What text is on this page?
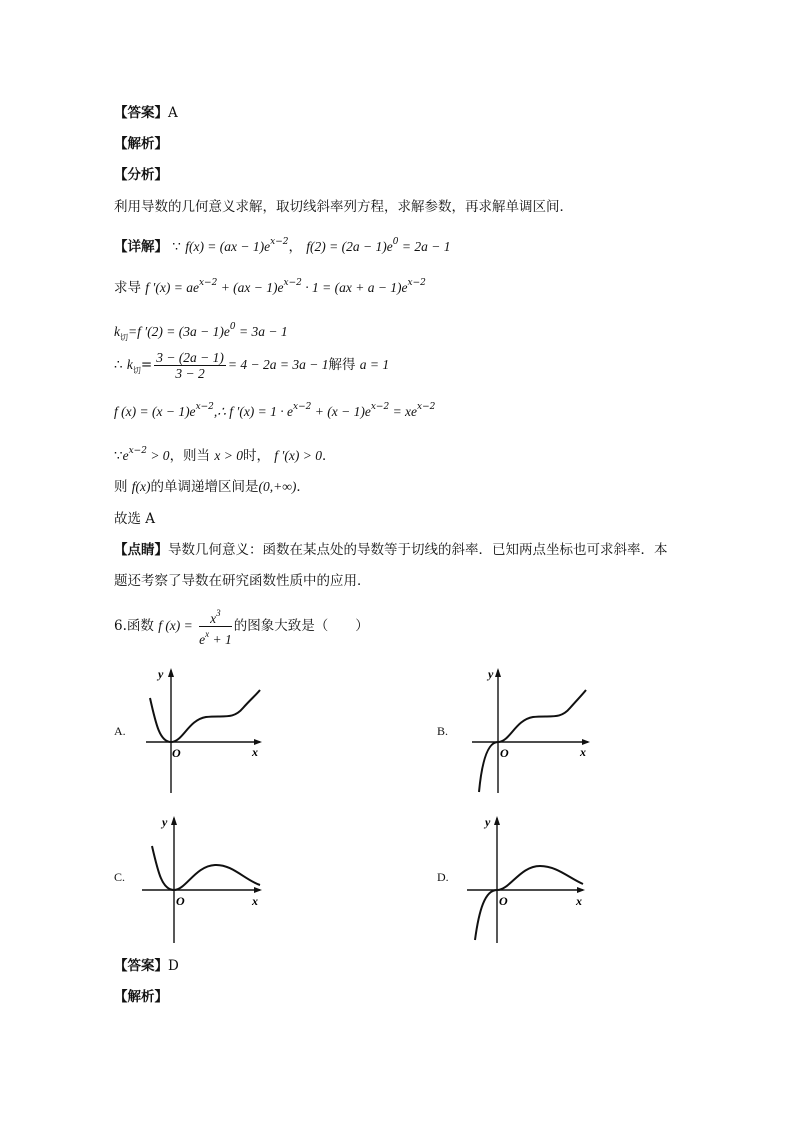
【答案】A
【解析】
【分析】
利用导数的几何意义求解，取切线斜率列方程，求解参数，再求解单调区间．
【详解】 ∵ $f(x) = (ax - 1)e^{x-2}$， $f(2) = (2a - 1)e^0 = 2a - 1$
求导 f $'(x) = ae^{x-2} + (ax - 1)e^{x-2} \cdot 1 = (ax + a - 1)e^{x-2}$
$k_切=f$ $'(2) = (3a - 1)e^0 = 3a - 1$
∴ $k_切= \frac{3 - (2a - 1)}{3 - 2} = 4 - 2a = 3a - 1$解得 a = 1
f $(x) = (x - 1)e^{x-2},\therefore$ f $'(x) = 1 \cdot e^{x-2} + (x - 1)e^{x-2} = xe^{x-2}$
$\because e^{x-2} > 0$，则当 x > 0时， f ′(x) > 0．
则 f(x)的单调递增区间是(0,+∞)．
故选 A
【点睛】导数几何意义：函数在某点处的导数等于切线的斜率．已知两点坐标也可求斜率．本
题还考察了导数在研究函数性质中的应用．
6.函数 f $(x) = \frac{x^3}{e^x + 1}$ 的图象大致是（　　）
A.	B.
C.	D.
x
y
O	x
y
O
x
y
O	x
y
O
【答案】D
【解析】
